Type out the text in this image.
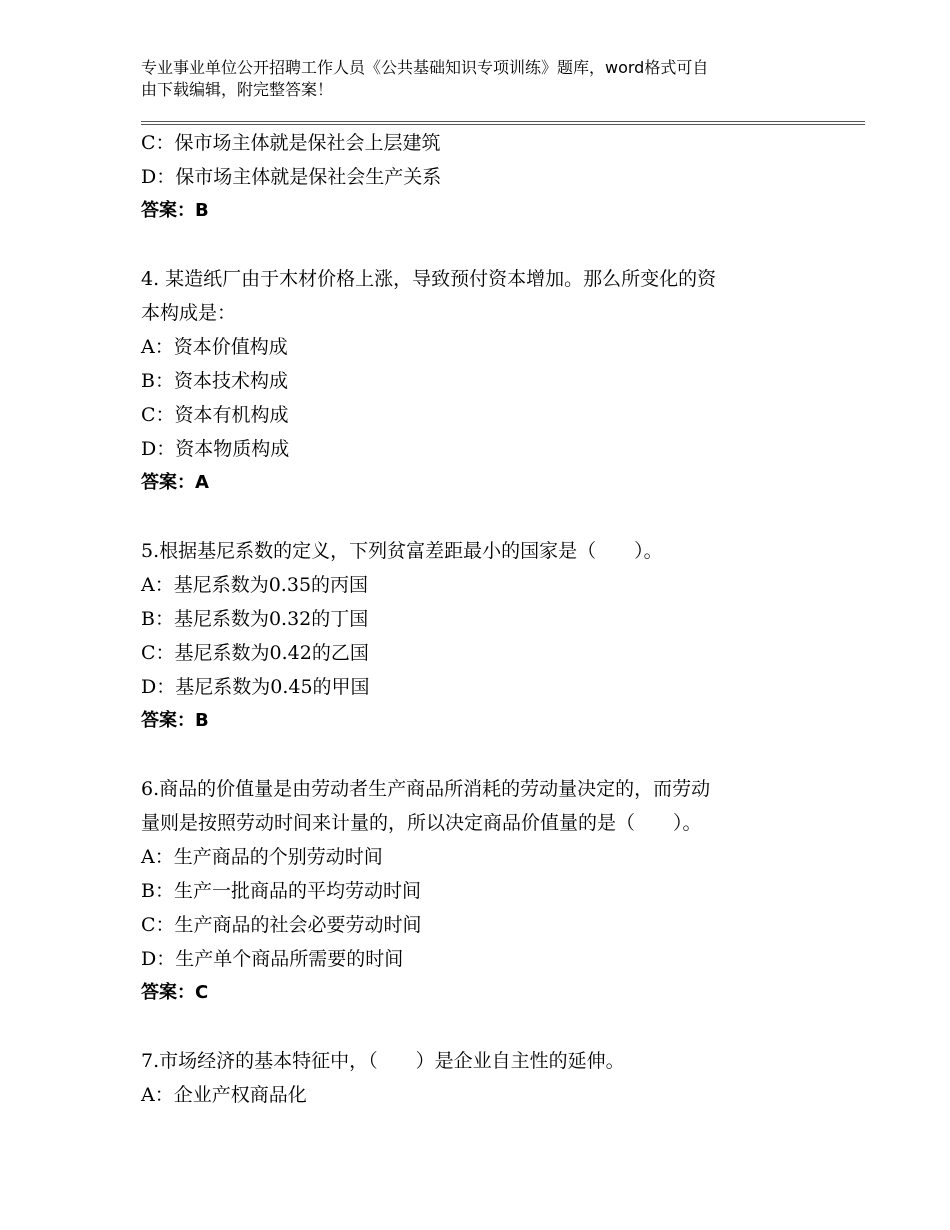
专业事业单位公开招聘工作人员《公共基础知识专项训练》题库，word格式可自
由下载编辑，附完整答案！
C：保市场主体就是保社会上层建筑
D：保市场主体就是保社会生产关系
答案：B
4. 某造纸厂由于木材价格上涨，导致预付资本增加。那么所变化的资
本构成是：
A：资本价值构成
B：资本技术构成
C：资本有机构成
D：资本物质构成
答案：A
5.根据基尼系数的定义，下列贫富差距最小的国家是（　　）。
A：基尼系数为0.35的丙国
B：基尼系数为0.32的丁国
C：基尼系数为0.42的乙国
D：基尼系数为0.45的甲国
答案：B
6.商品的价值量是由劳动者生产商品所消耗的劳动量决定的，而劳动
量则是按照劳动时间来计量的，所以决定商品价值量的是（　　）。
A：生产商品的个别劳动时间
B：生产一批商品的平均劳动时间
C：生产商品的社会必要劳动时间
D：生产单个商品所需要的时间
答案：C
7.市场经济的基本特征中，（　　）是企业自主性的延伸。
A：企业产权商品化
